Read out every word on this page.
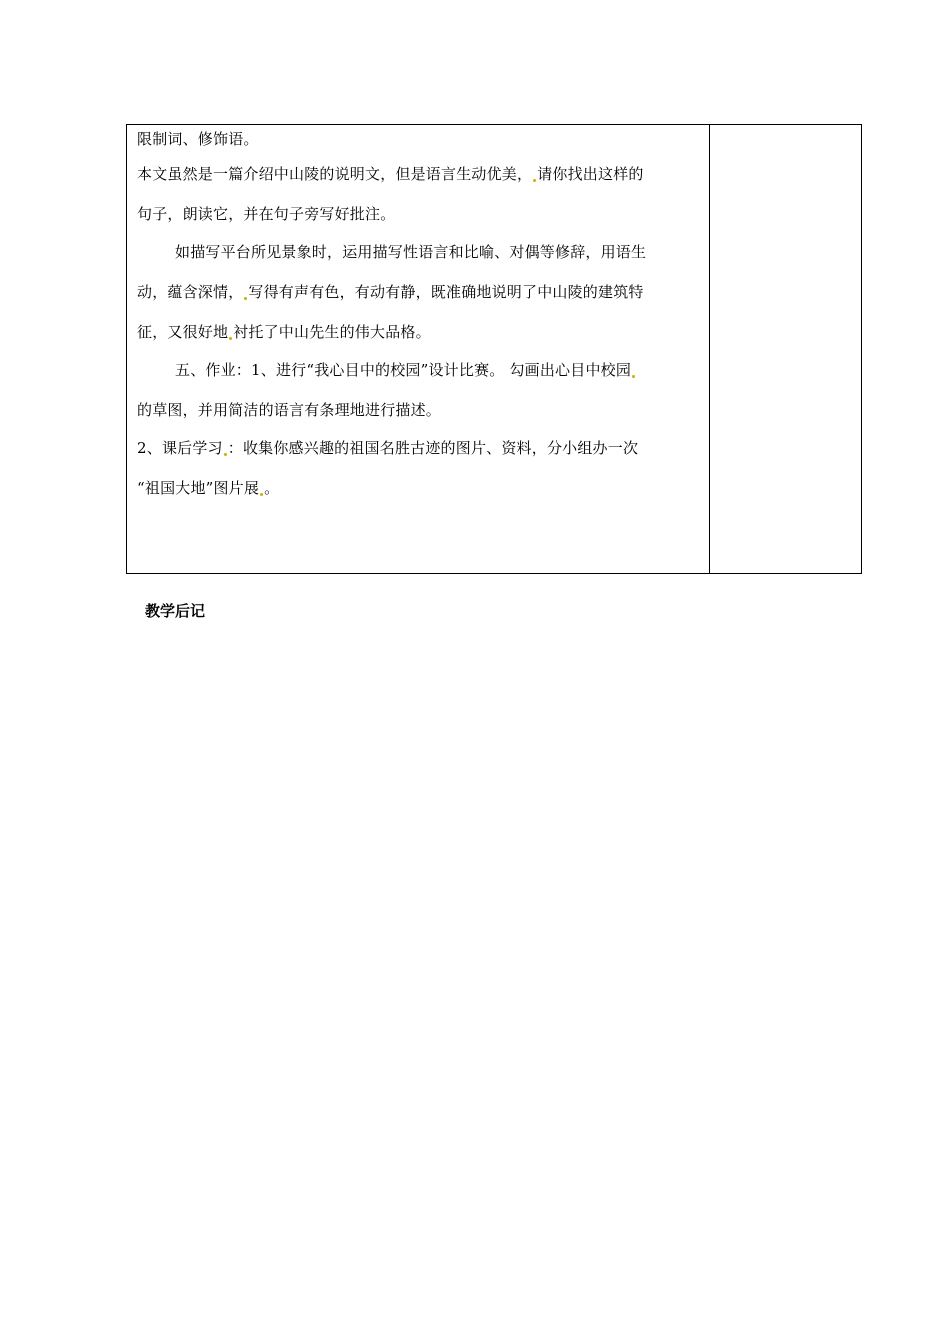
限制词、修饰语。
本文虽然是一篇介绍中山陵的说明文，但是语言生动优美， 请你找出这样的
句子，朗读它，并在句子旁写好批注。
如描写平台所见景象时，运用描写性语言和比喻、对偶等修辞，用语生
动，蕴含深情， 写得有声有色，有动有静，既准确地说明了中山陵的建筑特
征，又很好地 衬托了中山先生的伟大品格。
五、作业：1、进行“我心目中的校园”设计比赛。 勾画出心目中校园
的草图，并用简洁的语言有条理地进行描述。
2、课后学习 ：收集你感兴趣的祖国名胜古迹的图片、资料，分小组办一次
“祖国大地”图片展 。
教学后记
